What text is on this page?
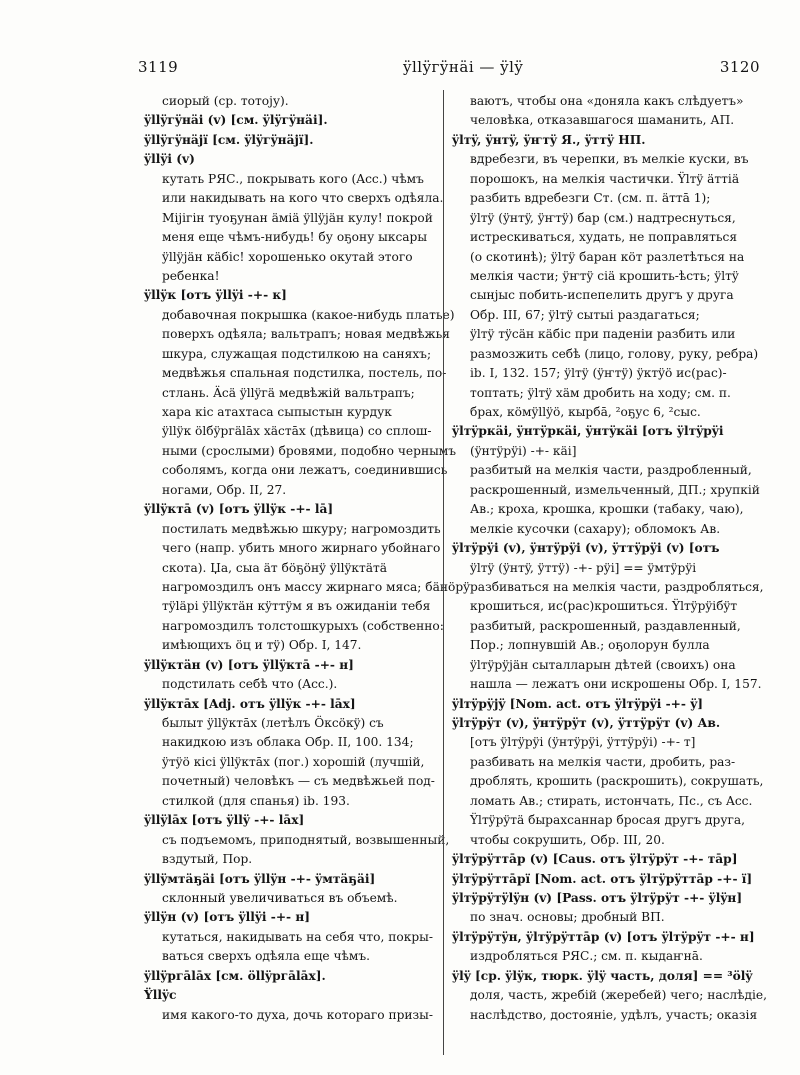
3119	ÿllÿгÿнäi — ÿlÿ	3120
сиорый (ср. тотоjу).
ÿllÿгÿнäi (v) [см. ÿlÿгÿнäi].
ÿllÿгÿнäjï [см. ÿlÿгÿнäjï].
ÿllÿi (v)
кутать РЯС., покрывать кого (Acc.) чѣмъ
или накидывать на кого что сверхъ одѣяла.
Мiјiгiн туоҕунан äмiä ÿllÿjäн кулу! покрой
меня еще чѣмъ-нибудь! бу оҕону ыксары
ÿllÿjäн кäбiс! хорошенько окутай этого
ребенка!
ÿllÿк [отъ ÿllÿi -+- к]
добавочная покрышка (какое-нибудь платье)
поверхъ одѣяла; вальтрапъ; новая медвѣжья
шкура, служащая подстилкою на саняхъ;
медвѣжья спальная подстилка, постель, по-
стлань. Äсä ÿllÿгä медвѣжiй вальтрапъ;
хара кiс атахтаса сыпыстын курдук
ÿllÿк ölбÿргälāх хäстāх (дѣвица) со сплош-
ными (срослыми) бровями, подобно чернымъ
соболямъ, когда они лежатъ, соединившись
ногами, Обр. II, 27.
ÿllÿктā (v) [отъ ÿllÿк -+- lā]
постилать медвѣжью шкуру; нагромоздить
чего (напр. убить много жирнаго убойнаго
скота). Џа, сыа äт бöҕöнÿ ÿllÿктäтä
нагромоздилъ онъ массу жирнаго мяса; бäнöрÿ
тÿläрi ÿllÿктäн кÿттÿм я въ ожиданiи тебя
нагромоздилъ толстошкурыхъ (собственно:
имѣющихъ öц и тÿ) Обр. I, 147.
ÿllÿктäн (v) [отъ ÿllÿктā -+- н]
подстилать себѣ что (Acc.).
ÿllÿктāх [Adj. отъ ÿllÿк -+- lāх]
былыт ÿllÿктāх (летѣлъ Öксöкÿ) съ
накидкою изъ облака Обр. II, 100. 134;
ÿтÿö кiсi ÿllÿктāх (пог.) хорошiй (лучшiй,
почетный) человѣкъ — съ медвѣжьей под-
стилкой (для спанья) ib. 193.
ÿllÿlāх [отъ ÿllÿ -+- lāх]
съ подъемомъ, приподнятый, возвышенный,
вздутый, Пор.
ÿllÿмтäҕäi [отъ ÿllÿн -+- ÿмтäҕäi]
склонный увеличиваться въ объемѣ.
ÿllÿн (v) [отъ ÿllÿi -+- н]
кутаться, накидывать на себя что, покры-
ваться сверхъ одѣяла еще чѣмъ.
ÿllÿргālāх [см. öllÿргālāх].
Ÿllÿс
имя какого-то духа, дочь котораго призы-
ваютъ, чтобы она «доняла какъ слѣдуетъ»
человѣка, отказавшагося шаманить, АП.
ÿlтÿ, ÿнтÿ, ÿҥтÿ Я., ÿттÿ НП.
вдребезги, въ черепки, въ мелкiе куски, въ
порошокъ, на мелкiя частички. Ÿlтÿ äттiä
разбить вдребезги Ст. (см. п. äттā 1);
ÿlтÿ (ÿнтÿ, ÿҥтÿ) бар (см.) надтреснуться,
истрескиваться, худать, не поправляться
(о скотинѣ); ÿlтÿ баран кöт разлетѣться на
мелкiя части; ÿҥтÿ сiä крошить-ѣсть; ÿlтÿ
сынjыс побить-испепелить другъ у друга
Обр. III, 67; ÿlтÿ сытыi раздагаться;
ÿlтÿ тÿсäн кäбiс при паденiи разбить или
размозжить себѣ (лицо, голову, руку, ребра)
ib. I, 132. 157; ÿlтÿ (ÿҥтÿ) ÿктÿö ис(рас)-
топтать; ÿlтÿ хäм дробить на ходу; см. п.
брах, кöмÿllÿö, кырбā, ²оҕус 6, ²сыс.
ÿlтÿркäi, ÿнтÿркäi, ÿнтÿкäi [отъ ÿlтÿрÿi
(ÿнтÿрÿi) -+- кäi]
разбитый на мелкiя части, раздробленный,
раскрошенный, измельченный, ДП.; хрупкiй
Ав.; кроха, крошка, крошки (табаку, чаю),
мелкiе кусочки (сахару); обломокъ Ав.
ÿlтÿрÿi (v), ÿнтÿрÿi (v), ÿттÿрÿi (v) [отъ
ÿlтÿ (ÿнтÿ, ÿттÿ) -+- рÿi] == ÿмтÿрÿi
разбиваться на мелкiя части, раздробляться,
крошиться, ис(рас)крошиться. Ÿlтÿрÿiбÿт
разбитый, раскрошенный, раздавленный,
Пор.; лопнувшiй Ав.; оҕолорун булла
ÿlтÿрÿjäн сыталларын дѣтей (своихъ) она
нашла — лежатъ они искрошены Обр. I, 157.
ÿlтÿрÿjÿ [Nom. act. отъ ÿlтÿрÿi -+- ÿ]
ÿlтÿрÿт (v), ÿнтÿрÿт (v), ÿттÿрÿт (v) Ав.
[отъ ÿlтÿрÿi (ÿнтÿрÿi, ÿттÿрÿi) -+- т]
разбивать на мелкiя части, дробить, раз-
дроблять, крошить (раскрошить), сокрушать,
ломать Ав.; стирать, истончать, Пс., съ Acc.
Ÿlтÿрÿтä бырахсаннар бросая другъ друга,
чтобы сокрушить, Обр. III, 20.
ÿlтÿрÿттāр (v) [Caus. отъ ÿlтÿрÿт -+- тāр]
ÿlтÿрÿттāрï [Nom. act. отъ ÿlтÿрÿттāр -+- ï]
ÿlтÿрÿтÿlÿн (v) [Pass. отъ ÿlтÿрÿт -+- ÿlÿн]
по знач. основы; дробный ВП.
ÿlтÿрÿтÿн, ÿlтÿрÿттāр (v) [отъ ÿlтÿрÿт -+- н]
издробляться РЯС.; см. п. кыдаҥнā.
ÿlÿ [ср. ÿlÿк, тюрк. ÿlÿ часть, доля] == ³ölÿ
доля, часть, жребiй (жеребей) чего; наслѣдiе,
наслѣдство, достоянiе, удѣлъ, участь; оказiя
